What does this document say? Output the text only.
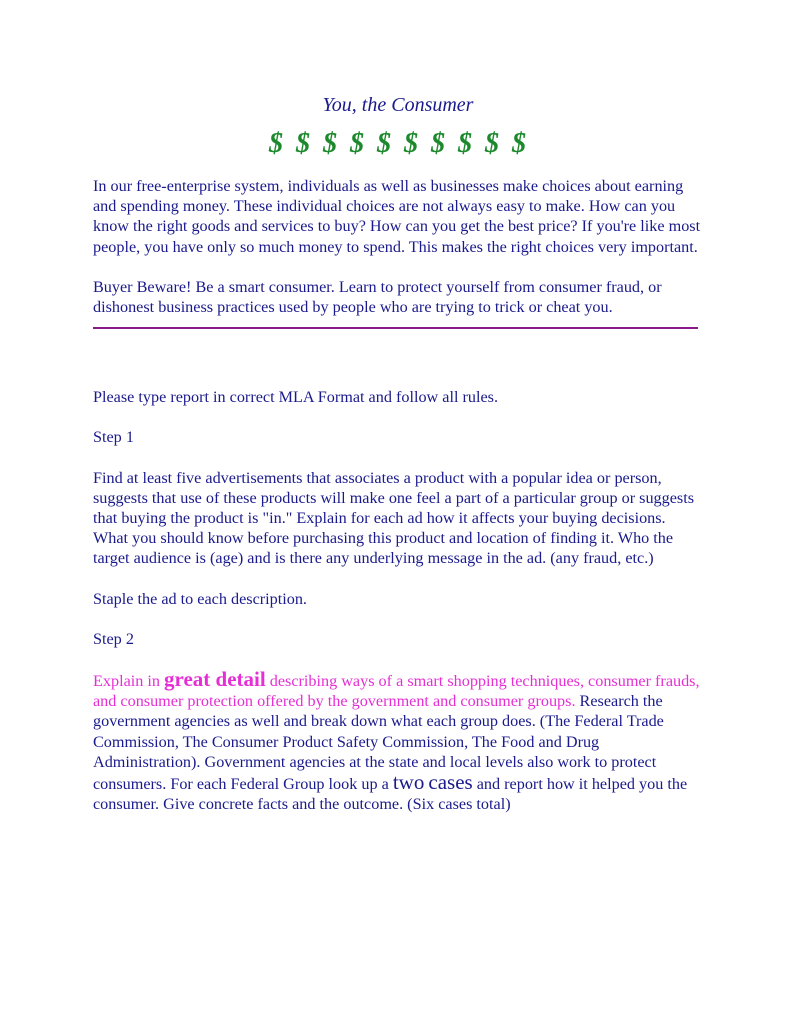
You, the Consumer
$ $ $ $ $ $ $ $ $ $

In our free-enterprise system, individuals as well as businesses make choices about earning and spending money. These individual choices are not always easy to make. How can you know the right goods and services to buy? How can you get the best price? If you're like most people, you have only so much money to spend. This makes the right choices very important.

Buyer Beware! Be a smart consumer. Learn to protect yourself from consumer fraud, or dishonest business practices used by people who are trying to trick or cheat you.

Please type report in correct MLA Format and follow all rules.

Step 1

Find at least five advertisements that associates a product with a popular idea or person, suggests that use of these products will make one feel a part of a particular group or suggests that buying the product is "in." Explain for each ad how it affects your buying decisions. What you should know before purchasing this product and location of finding it. Who the target audience is (age) and is there any underlying message in the ad. (any fraud, etc.)

Staple the ad to each description.

Step 2

Explain in great detail describing ways of a smart shopping techniques, consumer frauds, and consumer protection offered by the government and consumer groups. Research the government agencies as well and break down what each group does. (The Federal Trade Commission, The Consumer Product Safety Commission, The Food and Drug Administration). Government agencies at the state and local levels also work to protect consumers. For each Federal Group look up a two cases and report how it helped you the consumer. Give concrete facts and the outcome. (Six cases total)
